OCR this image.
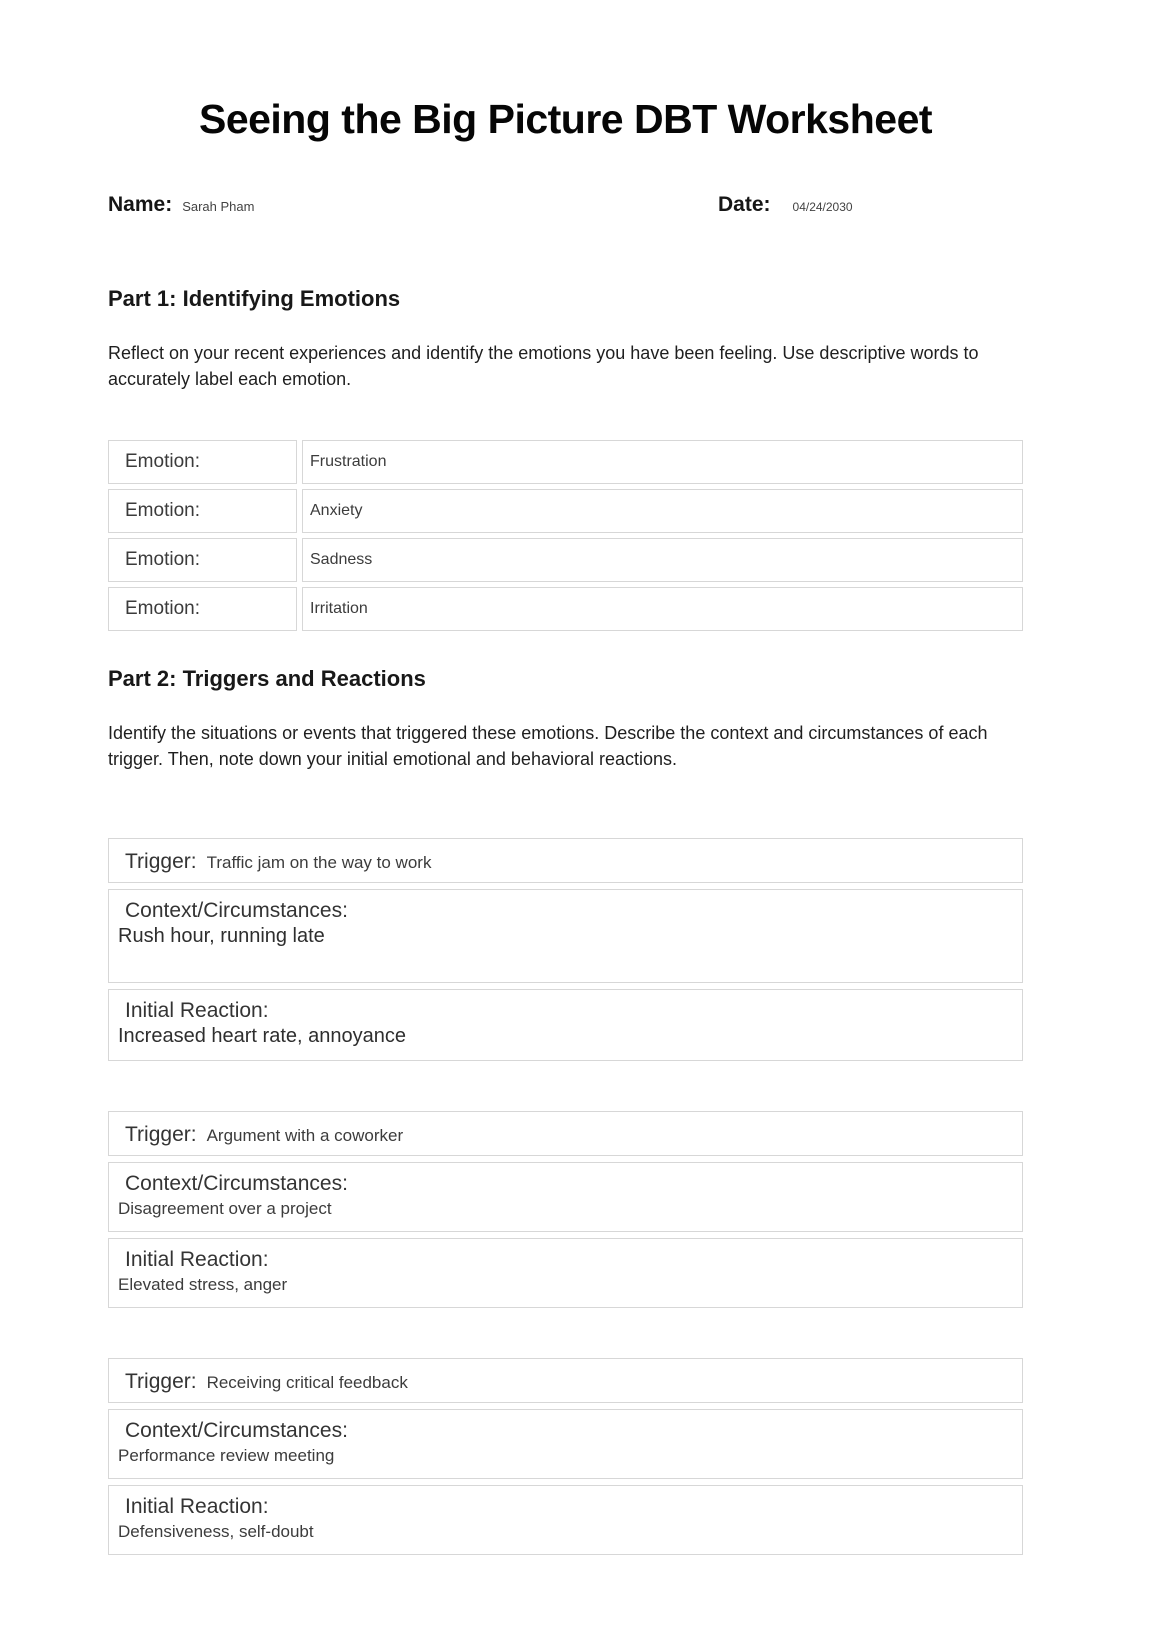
Seeing the Big Picture DBT Worksheet
Name: Sarah Pham	Date: 04/24/2030
Part 1: Identifying Emotions

Reflect on your recent experiences and identify the emotions you have been feeling. Use descriptive words to accurately label each emotion.

Emotion:	Frustration
Emotion:	Anxiety
Emotion:	Sadness
Emotion:	Irritation
Part 2: Triggers and Reactions

Identify the situations or events that triggered these emotions. Describe the context and circumstances of each trigger. Then, note down your initial emotional and behavioral reactions.

Trigger: Traffic jam on the way to work
Context/Circumstances:
Rush hour, running late
Initial Reaction:
Increased heart rate, annoyance
Trigger: Argument with a coworker
Context/Circumstances:
Disagreement over a project
Initial Reaction:
Elevated stress, anger
Trigger: Receiving critical feedback
Context/Circumstances:
Performance review meeting
Initial Reaction:
Defensiveness, self-doubt
